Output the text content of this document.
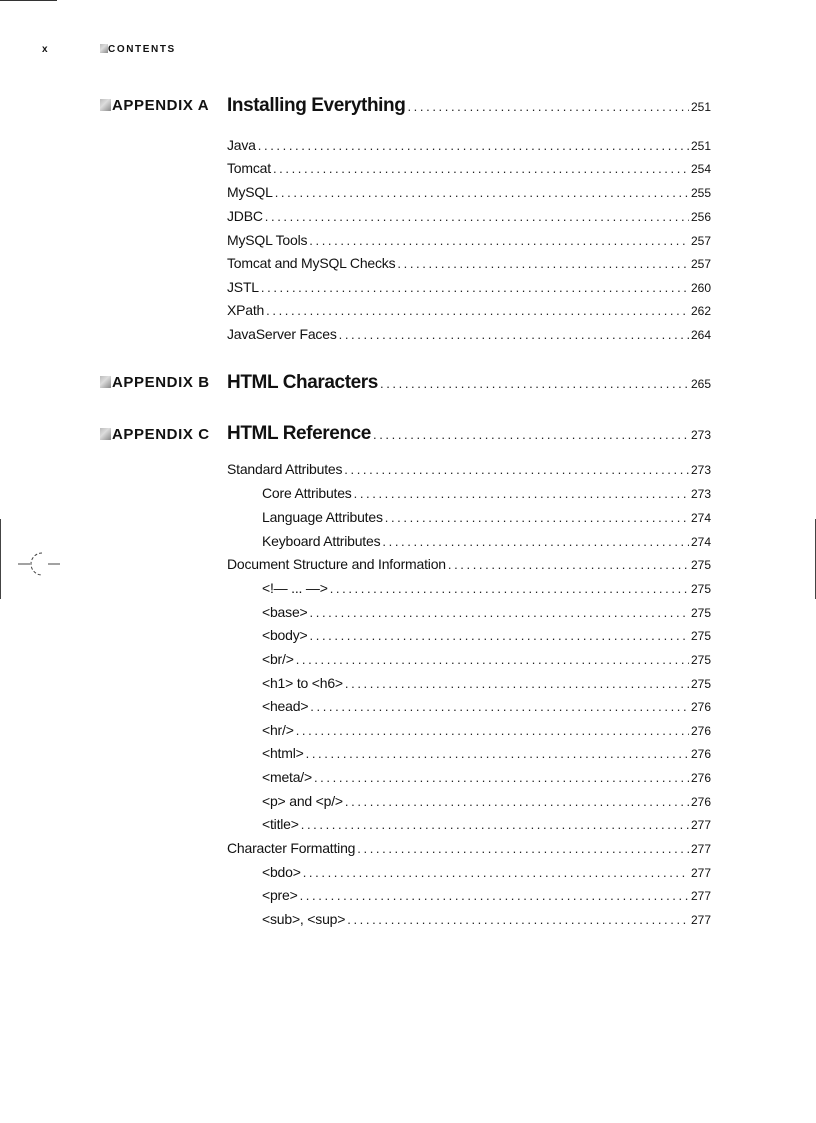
x	CONTENTS
APPENDIX A Installing Everything .....	251
Java .....	251
Tomcat .....	254
MySQL .....	255
JDBC .....	256
MySQL Tools .....	257
Tomcat and MySQL Checks .....	257
JSTL .....	260
XPath .....	262
JavaServer Faces .....	264
APPENDIX B HTML Characters .....	265
APPENDIX C HTML Reference .....	273
Standard Attributes .....	273
Core Attributes .....	273
Language Attributes .....	274
Keyboard Attributes .....	274
Document Structure and Information .....	275
<!— ... —> .....	275
<base> .....	275
<body> .....	275
<br/> .....	275
<h1> to <h6> .....	275
<head> .....	276
<hr/> .....	276
<html> .....	276
<meta/> .....	276
<p> and <p/> .....	276
<title> .....	277
Character Formatting .....	277
<bdo> .....	277
<pre> .....	277
<sub>, <sup> .....	277
